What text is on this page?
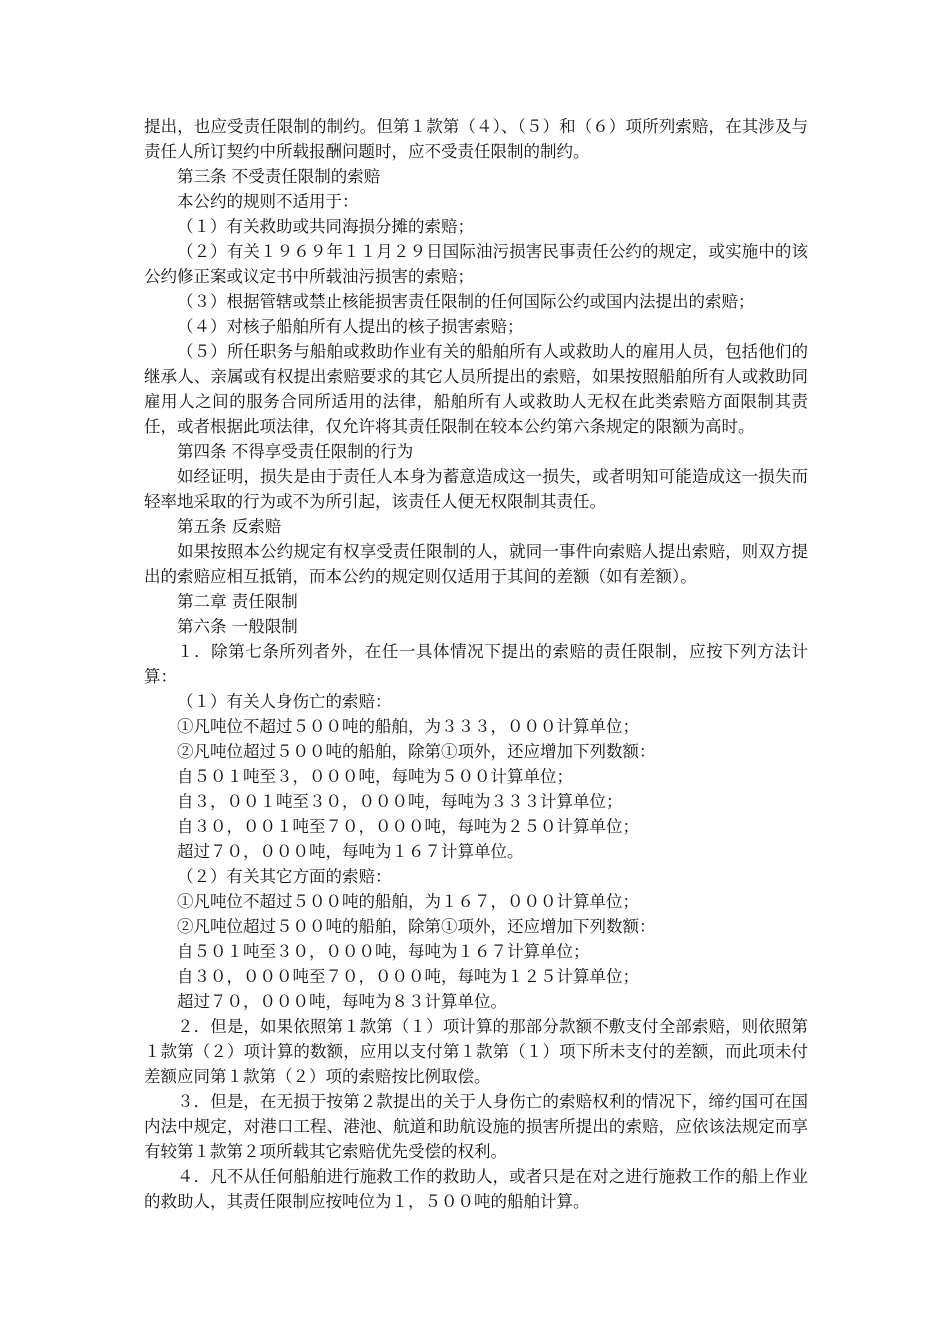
提出，也应受责任限制的制约。但第１款第（４）、（５）和（６）项所列索赔，在其涉及与责任人所订契约中所载报酬问题时，应不受责任限制的制约。

第三条 不受责任限制的索赔

本公约的规则不适用于：

（１）有关救助或共同海损分摊的索赔；

（２）有关１９６９年１１月２９日国际油污损害民事责任公约的规定，或实施中的该公约修正案或议定书中所载油污损害的索赔；

（３）根据管辖或禁止核能损害责任限制的任何国际公约或国内法提出的索赔；

（４）对核子船舶所有人提出的核子损害索赔；

（５）所任职务与船舶或救助作业有关的船舶所有人或救助人的雇用人员，包括他们的继承人、亲属或有权提出索赔要求的其它人员所提出的索赔，如果按照船舶所有人或救助同雇用人之间的服务合同所适用的法律，船舶所有人或救助人无权在此类索赔方面限制其责任，或者根据此项法律，仅允许将其责任限制在较本公约第六条规定的限额为高时。

第四条 不得享受责任限制的行为

如经证明，损失是由于责任人本身为蓄意造成这一损失，或者明知可能造成这一损失而轻率地采取的行为或不为所引起，该责任人便无权限制其责任。

第五条 反索赔

如果按照本公约规定有权享受责任限制的人，就同一事件向索赔人提出索赔，则双方提出的索赔应相互抵销，而本公约的规定则仅适用于其间的差额（如有差额）。

第二章 责任限制

第六条 一般限制

１．除第七条所列者外，在任一具体情况下提出的索赔的责任限制，应按下列方法计算：

（１）有关人身伤亡的索赔：

①凡吨位不超过５００吨的船舶，为３３３，０００计算单位；

②凡吨位超过５００吨的船舶，除第①项外，还应增加下列数额：

自５０１吨至３，０００吨，每吨为５００计算单位；

自３，００１吨至３０，０００吨，每吨为３３３计算单位；

自３０，００１吨至７０，０００吨，每吨为２５０计算单位；

超过７０，０００吨，每吨为１６７计算单位。

（２）有关其它方面的索赔：

①凡吨位不超过５００吨的船舶，为１６７，０００计算单位；

②凡吨位超过５００吨的船舶，除第①项外，还应增加下列数额：

自５０１吨至３０，０００吨，每吨为１６７计算单位；

自３０，０００吨至７０，０００吨，每吨为１２５计算单位；

超过７０，０００吨，每吨为８３计算单位。

２．但是，如果依照第１款第（１）项计算的那部分款额不敷支付全部索赔，则依照第１款第（２）项计算的数额，应用以支付第１款第（１）项下所未支付的差额，而此项未付差额应同第１款第（２）项的索赔按比例取偿。

３．但是，在无损于按第２款提出的关于人身伤亡的索赔权利的情况下，缔约国可在国内法中规定，对港口工程、港池、航道和助航设施的损害所提出的索赔，应依该法规定而享有较第１款第２项所载其它索赔优先受偿的权利。

４．凡不从任何船舶进行施救工作的救助人，或者只是在对之进行施救工作的船上作业的救助人，其责任限制应按吨位为１，５００吨的船舶计算。
